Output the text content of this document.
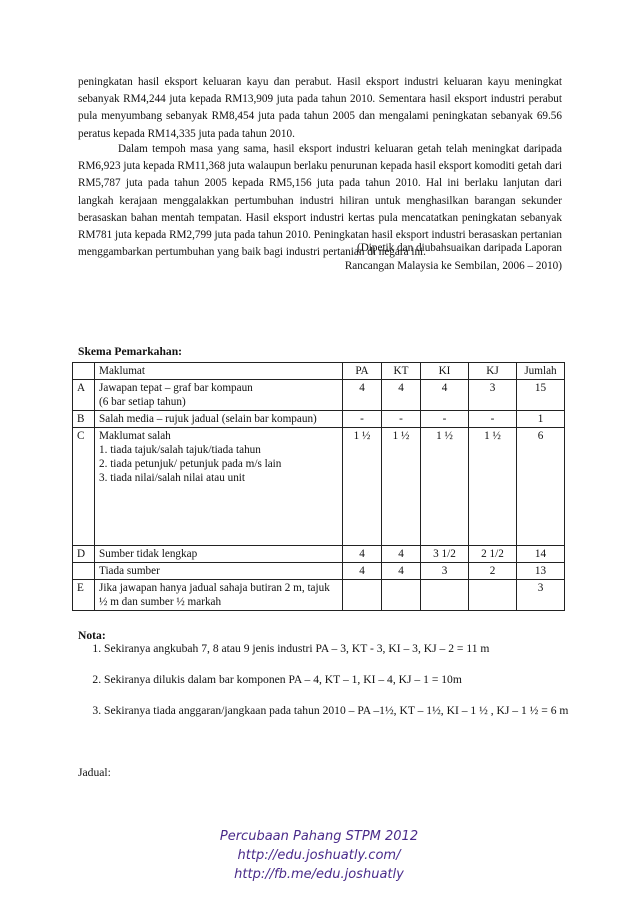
peningkatan hasil eksport keluaran kayu dan perabut. Hasil eksport industri keluaran kayu meningkat sebanyak RM4,244 juta kepada RM13,909 juta pada tahun 2010. Sementara hasil eksport industri perabut pula menyumbang sebanyak RM8,454 juta pada tahun 2005 dan mengalami peningkatan sebanyak 69.56 peratus kepada RM14,335 juta pada tahun 2010.
Dalam tempoh masa yang sama, hasil eksport industri keluaran getah telah meningkat daripada RM6,923 juta kepada RM11,368 juta walaupun berlaku penurunan kepada hasil eksport komoditi getah dari RM5,787 juta pada tahun 2005 kepada RM5,156 juta pada tahun 2010. Hal ini berlaku lanjutan dari langkah kerajaan menggalakkan pertumbuhan industri hiliran untuk menghasilkan barangan sekunder berasaskan bahan mentah tempatan. Hasil eksport industri kertas pula mencatatkan peningkatan sebanyak RM781 juta kepada RM2,799 juta pada tahun 2010. Peningkatan hasil eksport industri berasaskan pertanian menggambarkan pertumbuhan yang baik bagi industri pertanian di negara ini.
(Dipetik dan diubahsuaikan daripada Laporan
Rancangan Malaysia ke Sembilan, 2006 – 2010)
Skema Pemarkahan:
	Maklumat	PA	KT	KI	KJ	Jumlah
A	Jawapan tepat – graf bar kompaun
(6 bar setiap tahun)	4	4	4	3	15
B	Salah media – rujuk jadual (selain bar kompaun)	-	-	-	-	1
C	Maklumat salah
1. tiada tajuk/salah tajuk/tiada tahun
2. tiada petunjuk/ petunjuk pada m/s lain
3. tiada nilai/salah nilai atau unit	1 ½	1 ½	1 ½	1 ½	6
D	Sumber tidak lengkap	4	4	3 1/2	2 1/2	14
	Tiada sumber	4	4	3	2	13
E	Jika jawapan hanya jadual sahaja butiran 2 m, tajuk ½ m dan sumber ½ markah					3
Nota:
1. Sekiranya angkubah 7, 8 atau 9 jenis industri PA – 3, KT - 3, KI – 3, KJ – 2 = 11 m
2. Sekiranya dilukis dalam bar komponen PA – 4, KT – 1, KI – 4, KJ – 1 = 10m
3. Sekiranya tiada anggaran/jangkaan pada tahun 2010 – PA –1½, KT – 1½, KI – 1 ½ , KJ – 1 ½ = 6 m
Jadual:
Percubaan Pahang STPM 2012
http://edu.joshuatly.com/
http://fb.me/edu.joshuatly
